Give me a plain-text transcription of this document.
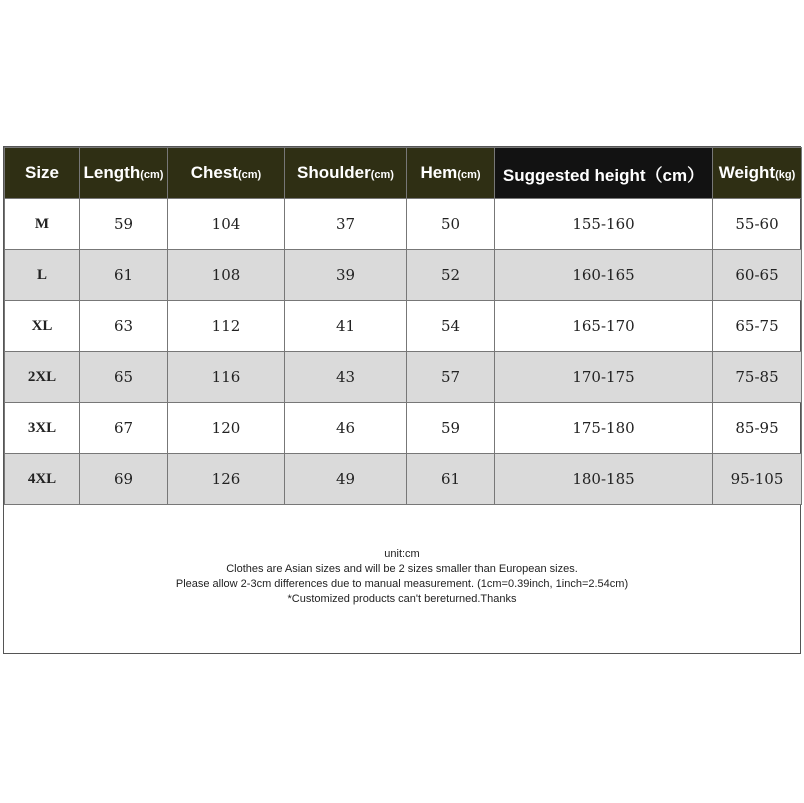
Size	Length(cm)	Chest(cm)	Shoulder(cm)	Hem(cm)	Suggested height（cm）	Weight(kg)
M	59	104	37	50	155-160	55-60
L	61	108	39	52	160-165	60-65
XL	63	112	41	54	165-170	65-75
2XL	65	116	43	57	170-175	75-85
3XL	67	120	46	59	175-180	85-95
4XL	69	126	49	61	180-185	95-105
unit:cm
Clothes are Asian sizes and will be 2 sizes smaller than European sizes.
Please allow 2-3cm differences due to manual measurement. (1cm=0.39inch, 1inch=2.54cm)
*Customized products can't bereturned.Thanks
